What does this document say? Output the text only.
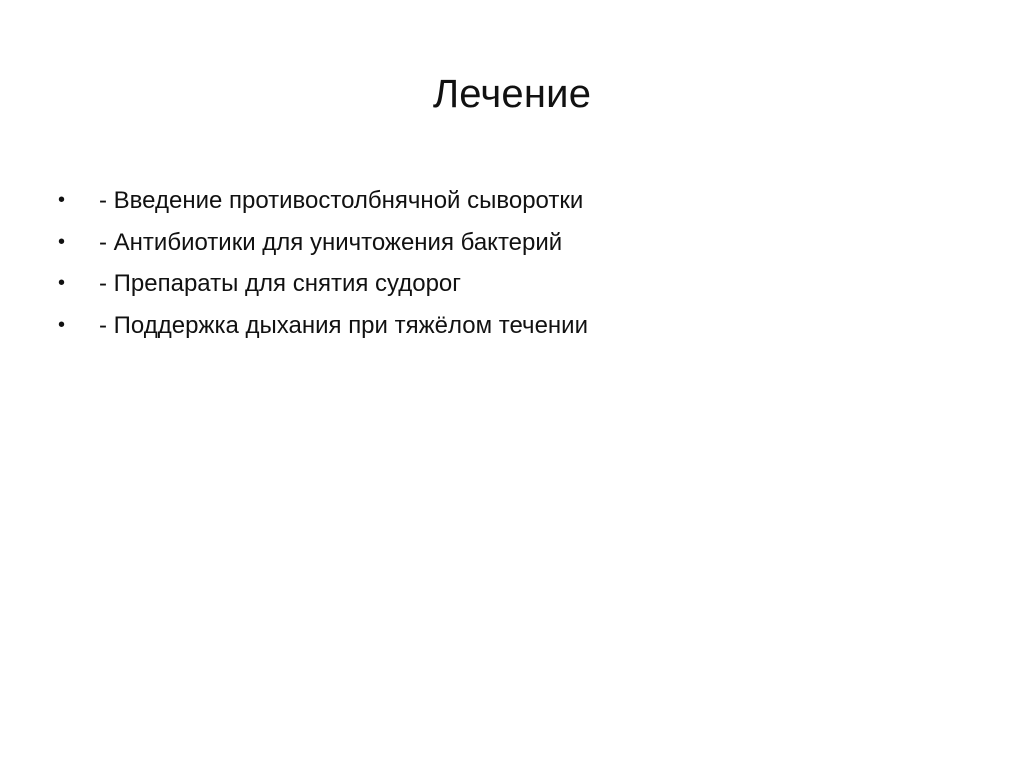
Лечение
•	- Введение противостолбнячной сыворотки
•	- Антибиотики для уничтожения бактерий
•	- Препараты для снятия судорог
•	- Поддержка дыхания при тяжёлом течении
